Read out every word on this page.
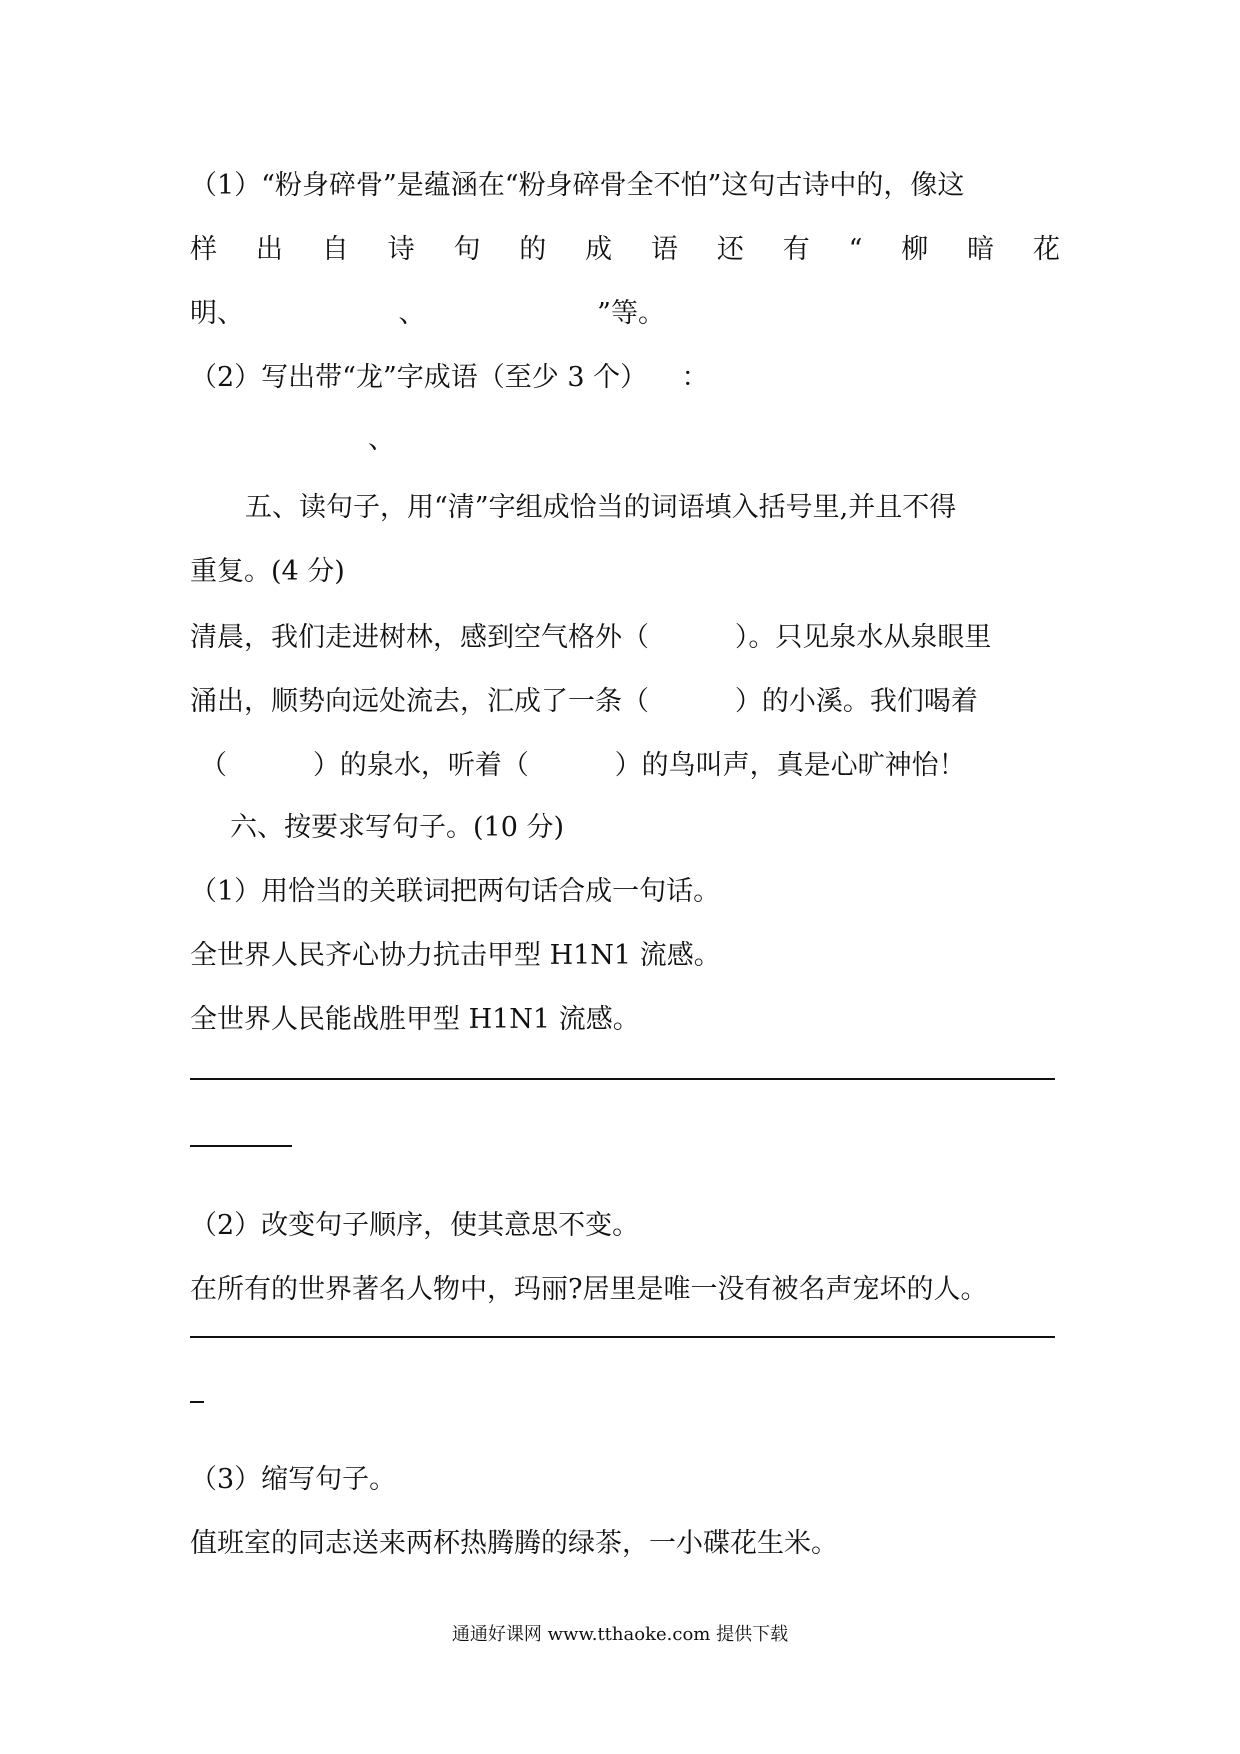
（1）“粉身碎骨”是蕴涵在“粉身碎骨全不怕”这句古诗中的，像这
样 出 自 诗 句 的 成 语 还 有 “ 柳 暗 花
明、                  、                    ”等。
（2）写出带“龙”字成语（至少 3 个）    ：
、
五、读句子，用“清”字组成恰当的词语填入括号里,并且不得
重复。(4 分)
清晨，我们走进树林，感到空气格外（          ）。只见泉水从泉眼里
涌出，顺势向远处流去，汇成了一条（          ）的小溪。我们喝着
（          ）的泉水，听着（          ）的鸟叫声，真是心旷神怡！
六、按要求写句子。(10 分)
（1）用恰当的关联词把两句话合成一句话。
全世界人民齐心协力抗击甲型 H1N1 流感。
全世界人民能战胜甲型 H1N1 流感。
（2）改变句子顺序，使其意思不变。
在所有的世界著名人物中，玛丽?居里是唯一没有被名声宠坏的人。
（3）缩写句子。
值班室的同志送来两杯热腾腾的绿茶，一小碟花生米。
通通好课网 www.tthaoke.com 提供下载
